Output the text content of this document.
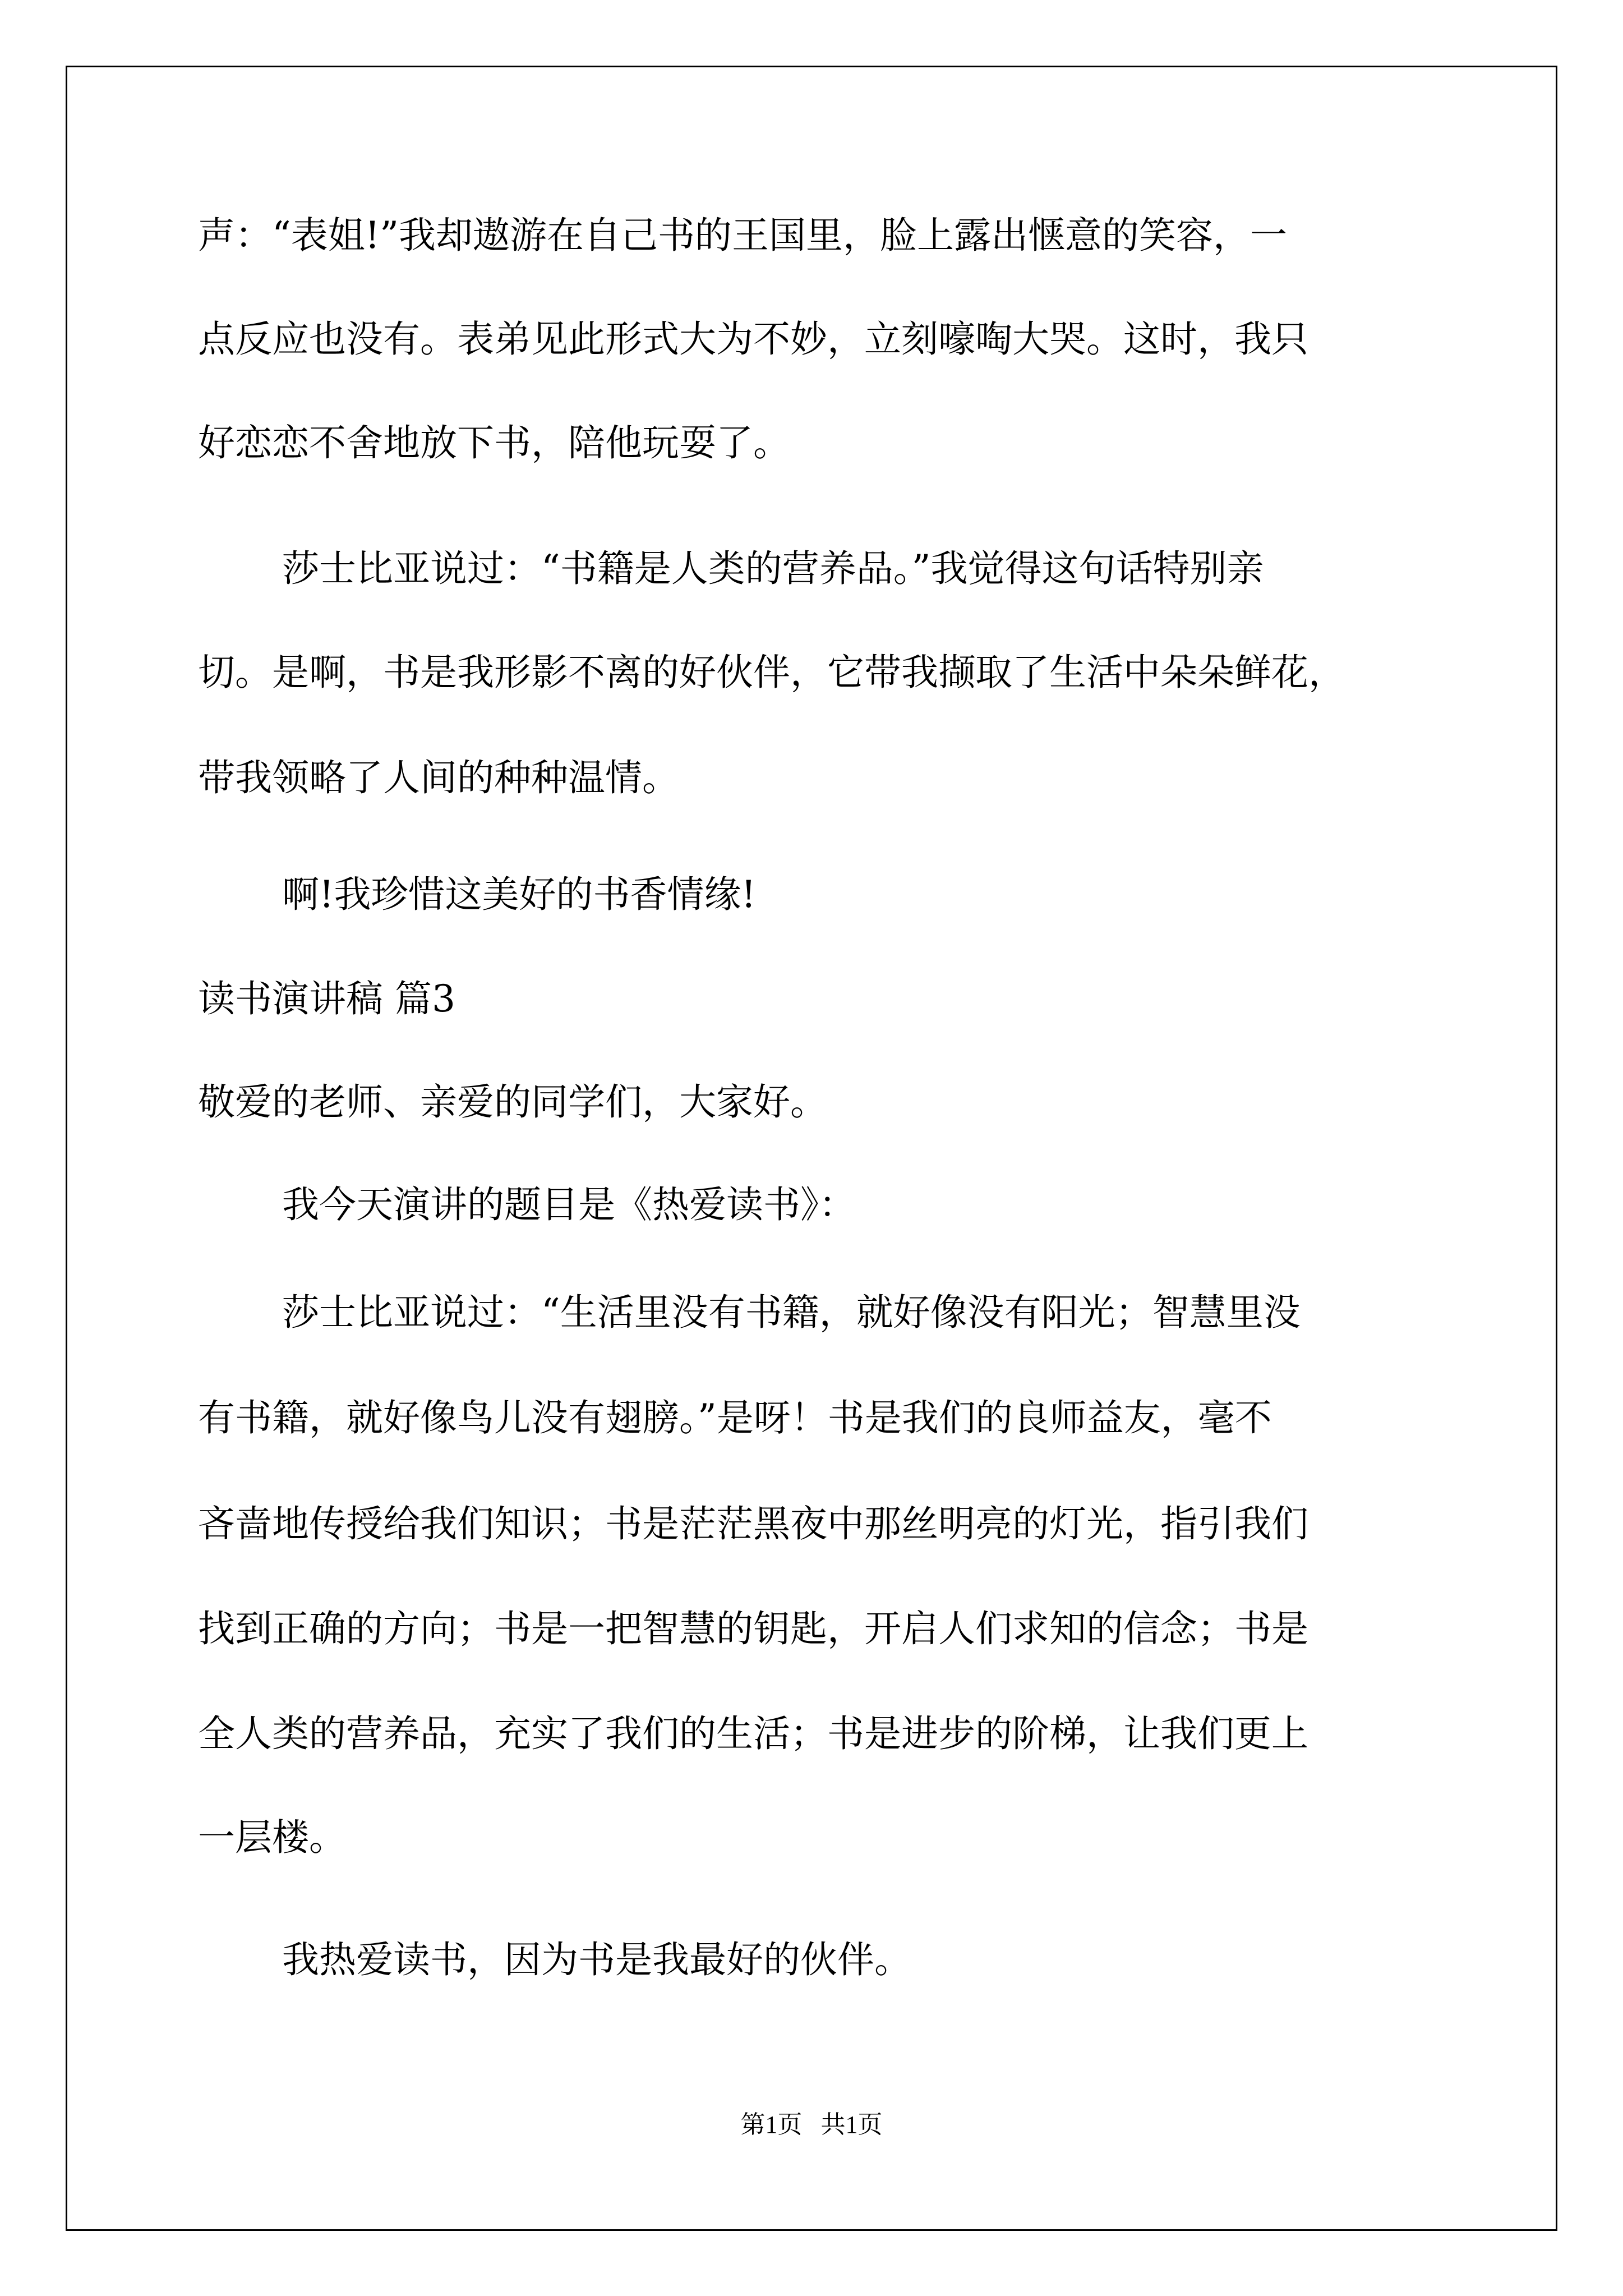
声：“表姐!”我却遨游在自己书的王国里，脸上露出惬意的笑容，一
点反应也没有。表弟见此形式大为不妙，立刻嚎啕大哭。这时，我只
好恋恋不舍地放下书，陪他玩耍了。
莎士比亚说过：“书籍是人类的营养品。”我觉得这句话特别亲
切。是啊，书是我形影不离的好伙伴，它带我撷取了生活中朵朵鲜花，
带我领略了人间的种种温情。
啊!我珍惜这美好的书香情缘!
读书演讲稿 篇3
敬爱的老师、亲爱的同学们，大家好。
我今天演讲的题目是《热爱读书》：
莎士比亚说过：“生活里没有书籍，就好像没有阳光；智慧里没
有书籍，就好像鸟儿没有翅膀。”是呀！书是我们的良师益友，毫不
吝啬地传授给我们知识；书是茫茫黑夜中那丝明亮的灯光，指引我们
找到正确的方向；书是一把智慧的钥匙，开启人们求知的信念；书是
全人类的营养品，充实了我们的生活；书是进步的阶梯，让我们更上
一层楼。
我热爱读书，因为书是我最好的伙伴。
第1页   共1页
